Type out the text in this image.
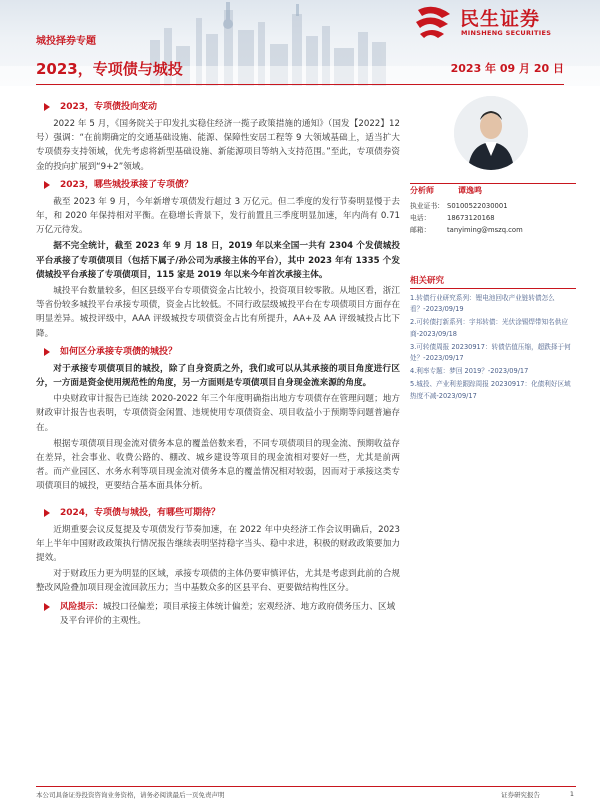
城投择券专题
2023，专项债与城投	2023 年 09 月 20 日
民生证券
MINSHENG SECURITIES
2023，专项债投向变动

2022 年 5 月，《国务院关于印发扎实稳住经济一揽子政策措施的通知》（国发【2022】12 号）强调：“在前期确定的交通基础设施、能源、保障性安居工程等 9 大领域基础上，适当扩大专项债券支持领域，优先考虑将新型基础设施、新能源项目等纳入支持范围。”至此，专项债券资金的投向扩展到“9+2”领域。

2023，哪些城投承接了专项债？

截至 2023 年 9 月，今年新增专项债发行超过 3 万亿元。但二季度的发行节奏明显慢于去年，和 2020 年保持相对平衡。在稳增长背景下，发行前置且三季度明显加速，年内尚有 0.71 万亿元待发。

据不完全统计，截至 2023 年 9 月 18 日，2019 年以来全国一共有 2304 个发债城投平台承接了专项债项目（包括下属子/孙公司为承接主体的平台），其中 2023 年有 1335 个发债城投平台承接了专项债项目，115 家是 2019 年以来今年首次承接主体。

城投平台数量较多，但区县级平台专项债资金占比较小，投资项目较零散。从地区看，浙江等省份较多城投平台承接专项债，资金占比较低。不同行政层级城投平台在专项债项目方面存在明显差异。城投评级中，AAA 评级城投专项债资金占比有所提升，AA+及 AA 评级城投占比下降。

如何区分承接专项债的城投？

对于承接专项债项目的城投，除了自身资质之外，我们或可以从其承接的项目角度进行区分，一方面是资金使用规范性的角度，另一方面则是专项债项目自身现金流来源的角度。

中央财政审计报告已连续 2020-2022 年三个年度明确指出地方专项债存在管理问题；地方财政审计报告也表明，专项债资金闲置、违规使用专项债资金、项目收益小于预期等问题普遍存在。

根据专项债项目现金流对债务本息的覆盖倍数来看，不同专项债项目的现金流、预期收益存在差异，社会事业、收费公路的、棚改、城乡建设等项目的现金流相对要好一些，尤其是前两者。而产业园区、水务水利等项目现金流对债务本息的覆盖情况相对较弱，因而对于承接这类专项债项目的城投，更要结合基本面具体分析。

2024，专项债与城投，有哪些可期待？

近期重要会议反复提及专项债发行节奏加速，在 2022 年中央经济工作会议明确后，2023 年上半年中国财政政策执行情况报告继续表明坚持稳字当头、稳中求进，积极的财政政策要加力提效。

对于财政压力更为明显的区域，承接专项债的主体仍要审慎评估，尤其是考虑到此前的合规整改风险叠加项目现金流回款压力；当中基数众多的区县平台、更要做结构性区分。

风险提示：城投口径偏差；项目承接主体统计偏差；宏观经济、地方政府债务压力、区域及平台评价的主观性。
分析师	谭逸鸣
执业证书： S0100522030001
电话： 18673120168
邮箱： tanyiming@mszq.com
相关研究
1.转债行业研究系列：锂电池回收产业链转债怎么看？-2023/09/19
2.可转债打新系列：宇邦转债：光伏涂锡焊带知名供应商-2023/09/18
3.可转债周报 20230917：转债估值压缩，超跌择于何处？-2023/09/17
4.利率专题：梦回 2019？-2023/09/17
5.城投、产业利差跟踪周报 20230917：化债利好区域热度不减-2023/09/17
本公司具备证券投资咨询业务资格，请务必阅读最后一页免责声明	证券研究报告	1
